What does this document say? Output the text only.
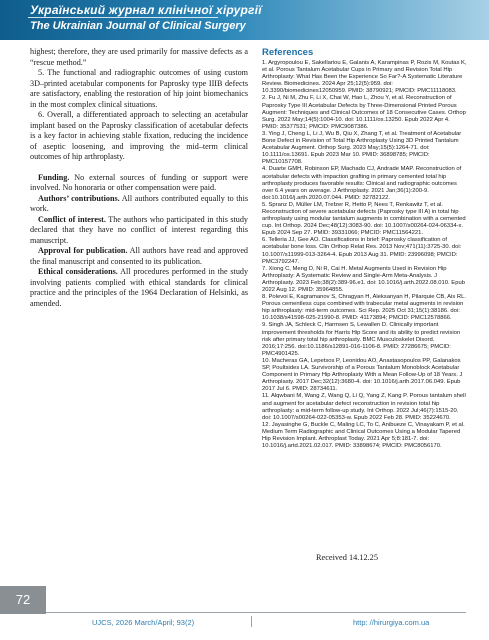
Український журнал клінічної хірургії
The Ukrainian Journal of Clinical Surgery

highest; therefore, they are used primarily for massive defects as a “rescue method.”

5. The functional and radiographic outcomes of using custom 3D–printed acetabular components for Paprosky type IIIB defects are satisfactory, enabling the restoration of hip joint biomechanics in the most complex clinical situations.

6. Overall, a differentiated approach to selecting an acetabular implant based on the Paprosky classification of acetabular defects is a key factor in achieving stable fixation, reducing the incidence of aseptic loosening, and improving the mid–term clinical outcomes of hip arthroplasty.

Funding. No external sources of funding or support were involved. No honoraria or other compensation were paid.

Authors’ contributions. All authors contributed equally to this work.

Conflict of interest. The authors who participated in this study declared that they have no conflict of interest regarding this manuscript.

Approval for publication. All authors have read and approved the final manuscript and consented to its publication.

Ethical considerations. All procedures performed in the study involving patients complied with ethical standards for clinical practice and the principles of the 1964 Declaration of Helsinki, as amended.

References
1. Argyropoulou E, Sakellariou E, Galanis A, Karampinas P, Rozis M, Koutas K, et al. Porous Tantalum Acetabular Cups in Primary and Revision Total Hip Arthroplasty: What Has Been the Experience So Far?-A Systematic Literature Review. Biomedicines. 2024 Apr 25;12(5):959. doi: 10.3390/biomedicines12050959. PMID: 38790921; PMCID: PMC11118083.
2. Fu J, Ni M, Zhu F, Li X, Chai W, Hao L, Zhou Y, et al. Reconstruction of Paprosky Type III Acetabular Defects by Three-Dimensional Printed Porous Augment: Techniques and Clinical Outcomes of 18 Consecutive Cases. Orthop Surg. 2022 May;14(5):1004-10. doi: 10.1111/os.13250. Epub 2022 Apr 4. PMID: 35377531; PMCID: PMC9087386.
3. Ying J, Cheng L, Li J, Wu B, Qiu X, Zhang T, et al. Treatment of Acetabular Bone Defect in Revision of Total Hip Arthroplasty Using 3D Printed Tantalum Acetabular Augment. Orthop Surg. 2023 May;15(5):1264-71. doi: 10.1111/os.13691. Epub 2023 Mar 10. PMID: 36898785; PMCID: PMC10157708.
4. Duarte GMH, Robinson EP, Machado CJ, Andrade MAP. Reconstruction of acetabular defects with impaction grafting in primary cemented total hip arthroplasty produces favorable results: Clinical and radiographic outcomes over 6.4 years on average. J Arthroplasty. 2021 Jan;36(1):200-9. doi:10.1016/j.arth.2020.07.044. PMID: 32782122.
5. Spranz D, Müller LM, Trefzer R, Hetto P, Nees T, Renkawitz T, et al. Reconstruction of severe acetabular defects (Paprosky type III A) in total hip arthroplasty using modular tantalum augments in combination with a cemented cup. Int Orthop. 2024 Dec;48(12):3083-90. doi: 10.1007/s00264-024-06334-x. Epub 2024 Sep 27. PMID: 39331066; PMCID: PMC11564221.
6. Telleria JJ, Gee AO. Classifications in brief: Paprosky classification of acetabular bone loss. Clin Orthop Relat Res. 2013 Nov;471(11):3725-30. doi: 10.1007/s11999-013-3264-4. Epub 2013 Aug 31. PMID: 23996098; PMCID: PMC3792247.
7. Xiong C, Meng D, Ni R, Cai H. Metal Augments Used in Revision Hip Arthroplasty: A Systematic Review and Single-Arm Meta-Analysis. J Arthroplasty. 2023 Feb;38(2):389-96.e1. doi: 10.1016/j.arth.2022.08.010. Epub 2022 Aug 12. PMID: 35964855.
8. Polevoi E, Kagramanov S, Chragyan H, Aleksanyan H, Pilarquie CB, Ais RL. Porous cementless cups combined with trabecular metal augments in revision hip arthroplasty: mid-term outcomes. Sci Rep. 2025 Oct 31;15(1):38186. doi: 10.1038/s41598-025-21990-8. PMID: 41173894; PMCID: PMC12578866.
9. Singh JA, Schleck C, Harmsen S, Lewallen D. Clinically important improvement thresholds for Harris Hip Score and its ability to predict revision risk after primary total hip arthroplasty. BMC Musculoskelet Disord. 2016;17:256. doi:10.1186/s12891-016-1106-8. PMID: 27286675; PMCID: PMC4901425.
10. Macheras GA, Lepetsos P, Leonidou AO, Anastasopoulos PP, Galanakos SP, Poultsides LA. Survivorship of a Porous Tantalum Monoblock Acetabular Component in Primary Hip Arthroplasty With a Mean Follow-Up of 18 Years. J Arthroplasty. 2017 Dec;32(12):3680-4. doi: 10.1016/j.arth.2017.06.049. Epub 2017 Jul 6. PMID: 28734611.
11. Alqwbani M, Wang Z, Wang Q, Li Q, Yang Z, Kang P. Porous tantalum shell and augment for acetabular defect reconstruction in revision total hip arthroplasty: a mid-term follow-up study. Int Orthop. 2022 Jul;46(7):1515-20. doi: 10.1007/s00264-022-05353-w. Epub 2022 Feb 28. PMID: 35224670.
12. Jayasinghe G, Buckle C, Maling LC, To C, Anibueze C, Vinayakam P, et al. Medium Term Radiographic and Clinical Outcomes Using a Modular Tapered Hip Revision Implant. Arthroplast Today. 2021 Apr 5;8:181-7. doi: 10.1016/j.artd.2021.02.017. PMID: 33898674; PMCID: PMC8056170.
Received 14.12.25
72
UJCS, 2026 March/April; 93(2)	http: //hirurgiya.com.ua
